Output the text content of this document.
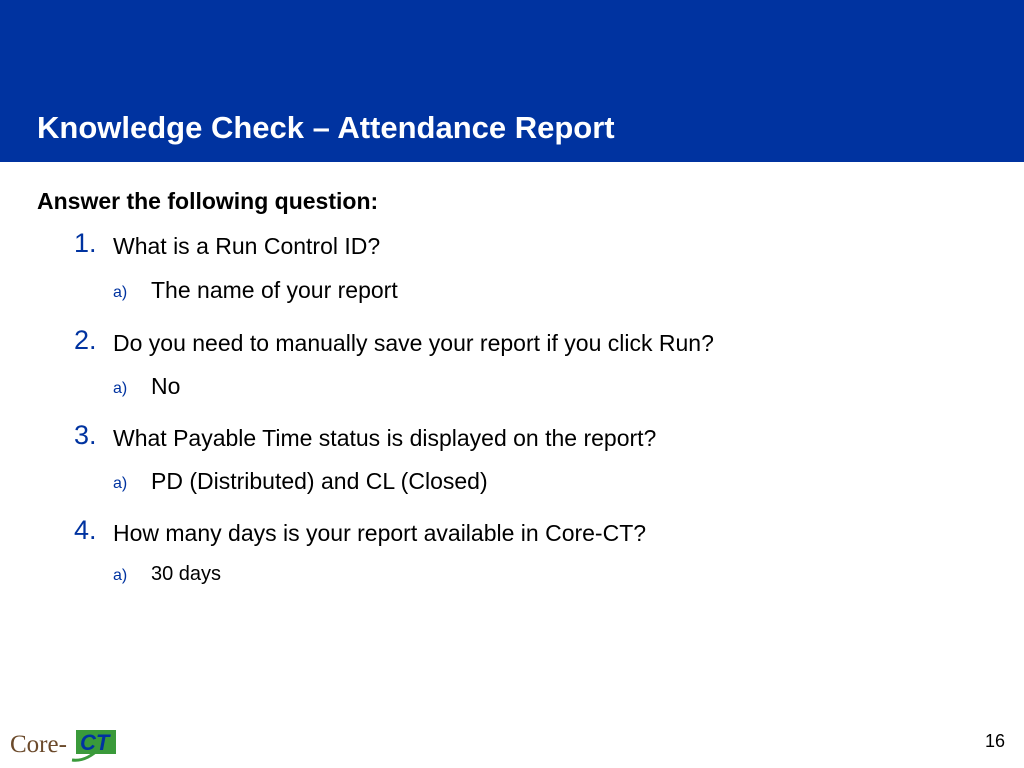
Knowledge Check – Attendance Report
Answer the following question:
1. What is a Run Control ID?
a) The name of your report
2. Do you need to manually save your report if you click Run?
a) No
3. What Payable Time status is displayed on the report?
a) PD (Distributed) and CL (Closed)
4. How many days is your report available in Core-CT?
a) 30 days
Core- CT	16
